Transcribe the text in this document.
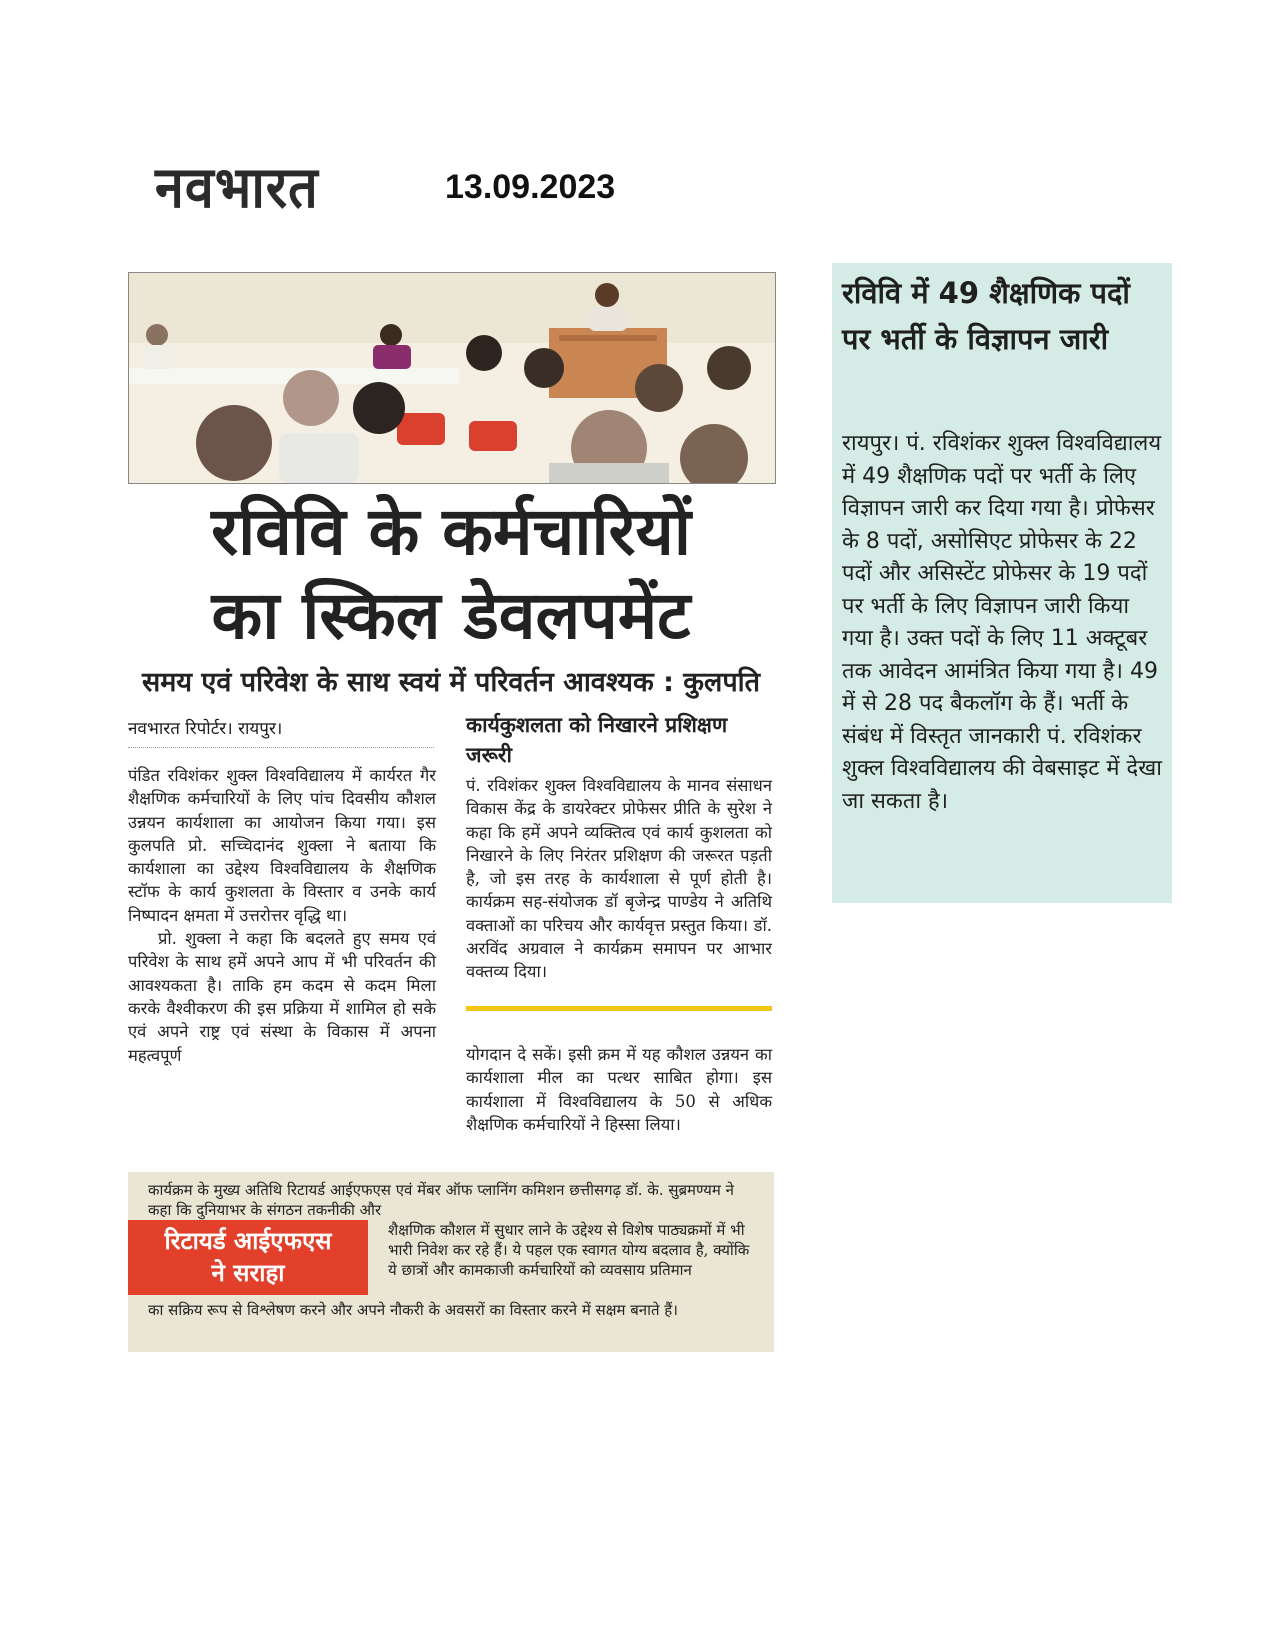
नवभारत	13.09.2023
रविवि के कर्मचारियों
का स्किल डेवलपमेंट
समय एवं परिवेश के साथ स्वयं में परिवर्तन आवश्यक : कुलपति
नवभारत रिपोर्टर। रायपुर।

पंडित रविशंकर शुक्ल विश्वविद्यालय में कार्यरत गैर शैक्षणिक कर्मचारियों के लिए पांच दिवसीय कौशल उन्नयन कार्यशाला का आयोजन किया गया। इस कुलपति प्रो. सच्चिदानंद शुक्ला ने बताया कि कार्यशाला का उद्देश्य विश्वविद्यालय के शैक्षणिक स्टॉफ के कार्य कुशलता के विस्तार व उनके कार्य निष्पादन क्षमता में उत्तरोत्तर वृद्धि था।

प्रो. शुक्ला ने कहा कि बदलते हुए समय एवं परिवेश के साथ हमें अपने आप में भी परिवर्तन की आवश्यकता है। ताकि हम कदम से कदम मिला करके वैश्वीकरण की इस प्रक्रिया में शामिल हो सके एवं अपने राष्ट्र एवं संस्था के विकास में अपना महत्वपूर्ण

कार्यकुशलता को निखारने प्रशिक्षण जरूरी
पं. रविशंकर शुक्ल विश्वविद्यालय के मानव संसाधन विकास केंद्र के डायरेक्टर प्रोफेसर प्रीति के सुरेश ने कहा कि हमें अपने व्यक्तित्व एवं कार्य कुशलता को निखारने के लिए निरंतर प्रशिक्षण की जरूरत पड़ती है, जो इस तरह के कार्यशाला से पूर्ण होती है। कार्यक्रम सह-संयोजक डॉ बृजेन्द्र पाण्डेय ने अतिथि वक्ताओं का परिचय और कार्यवृत्त प्रस्तुत किया। डॉ. अरविंद अग्रवाल ने कार्यक्रम समापन पर आभार वक्तव्य दिया।
योगदान दे सकें। इसी क्रम में यह कौशल उन्नयन का कार्यशाला मील का पत्थर साबित होगा। इस कार्यशाला में विश्वविद्यालय के 50 से अधिक शैक्षणिक कर्मचारियों ने हिस्सा लिया।
कार्यक्रम के मुख्य अतिथि रिटायर्ड आईएफएस एवं मेंबर ऑफ प्लानिंग कमिशन छत्तीसगढ़ डॉ. के. सुब्रमण्यम ने कहा कि दुनियाभर के संगठन तकनीकी और
रिटायर्ड आईएफएस
ने सराहा
शैक्षणिक कौशल में सुधार लाने के उद्देश्य से विशेष पाठ्यक्रमों में भी भारी निवेश कर रहे हैं। ये पहल एक स्वागत योग्य बदलाव है, क्योंकि ये छात्रों और कामकाजी कर्मचारियों को व्यवसाय प्रतिमान
का सक्रिय रूप से विश्लेषण करने और अपने नौकरी के अवसरों का विस्तार करने में सक्षम बनाते हैं।
रविवि में 49 शैक्षणिक पदों पर भर्ती के विज्ञापन जारी
रायपुर। पं. रविशंकर शुक्ल विश्वविद्यालय में 49 शैक्षणिक पदों पर भर्ती के लिए विज्ञापन जारी कर दिया गया है। प्रोफेसर के 8 पदों, असोसिएट प्रोफेसर के 22 पदों और असिस्टेंट प्रोफेसर के 19 पदों पर भर्ती के लिए विज्ञापन जारी किया गया है। उक्त पदों के लिए 11 अक्टूबर तक आवेदन आमंत्रित किया गया है। 49 में से 28 पद बैकलॉग के हैं। भर्ती के संबंध में विस्तृत जानकारी पं. रविशंकर शुक्ल विश्वविद्यालय की वेबसाइट में देखा जा सकता है।
